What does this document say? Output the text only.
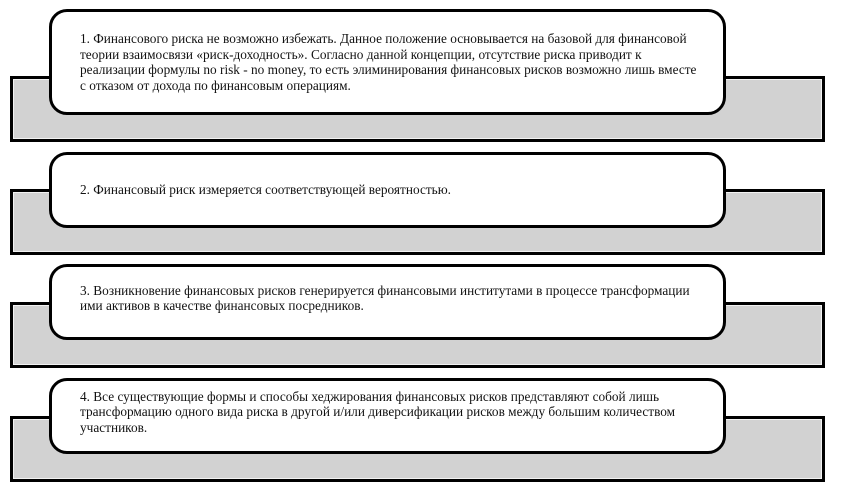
1. Финансового риска не возможно избежать. Данное положение основывается на базовой для финансовой теории взаимосвязи «риск-доходность». Согласно данной концепции, отсутствие риска приводит к реализации формулы no risk - no money, то есть элиминирования финансовых рисков возможно лишь вместе с отказом от дохода по финансовым операциям.

2. Финансовый риск измеряется соответствующей вероятностью.

3. Возникновение финансовых рисков генерируется финансовыми институтами в процессе трансформации ими активов в качестве финансовых посредников.

4. Все существующие формы и способы хеджирования финансовых рисков представляют собой лишь трансформацию одного вида риска в другой и/или диверсификации рисков между большим количеством участников.
